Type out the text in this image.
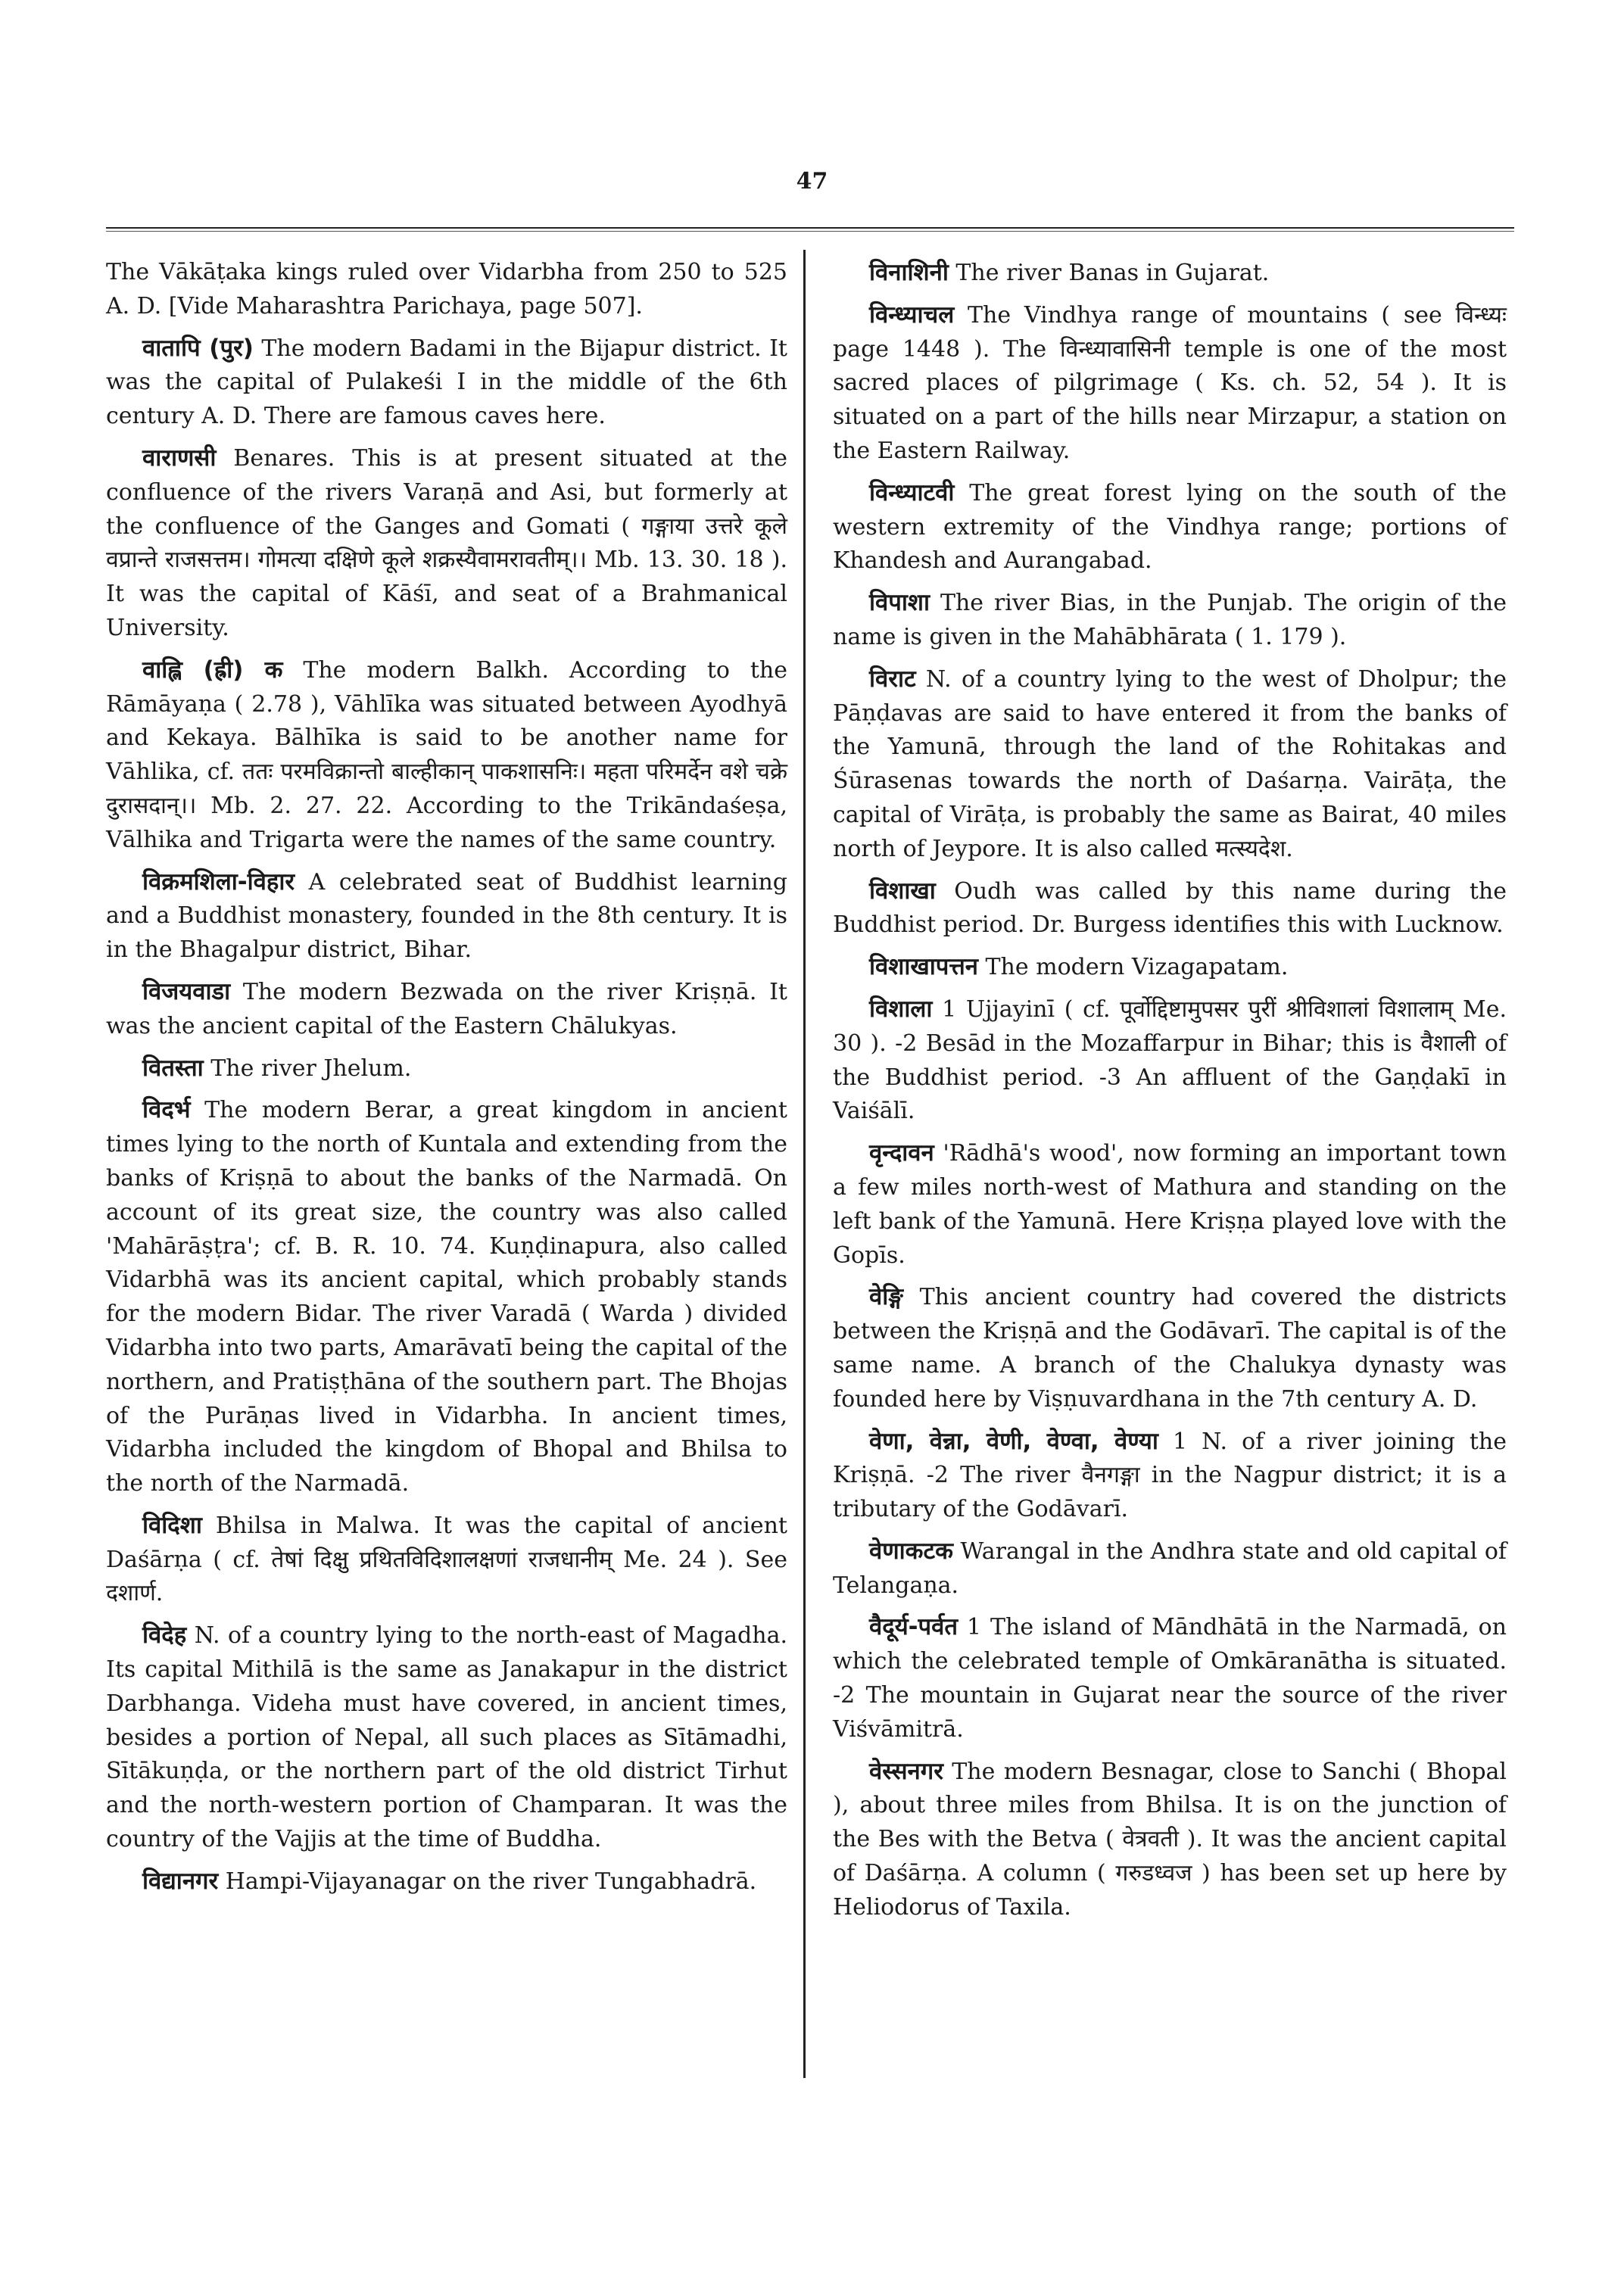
47

The Vākāṭaka kings ruled over Vidarbha from 250 to 525 A. D. [Vide Maharashtra Parichaya, page 507].

वातापि (पुर) The modern Badami in the Bijapur district. It was the capital of Pulakeśi I in the middle of the 6th century A. D. There are famous caves here.

वाराणसी Benares. This is at present situated at the confluence of the rivers Varaṇā and Asi, but formerly at the confluence of the Ganges and Gomati ( गङ्गाया उत्तरे कूले वप्रान्ते राजसत्तम। गोमत्या दक्षिणे कूले शक्रस्यैवामरावतीम्।। Mb. 13. 30. 18 ). It was the capital of Kāśī, and seat of a Brahmanical University.

वाह्लि (ह्री) क The modern Balkh. According to the Rāmāyaṇa ( 2.78 ), Vāhlīka was situated between Ayodhyā and Kekaya. Bālhīka is said to be another name for Vāhlika, cf. ततः परमविक्रान्तो बाल्हीकान् पाकशासनिः। महता परिमर्देन वशे चक्रे दुरासदान्।। Mb. 2. 27. 22. According to the Trikāndaśeṣa, Vālhika and Trigarta were the names of the same country.

विक्रमशिला-विहार A celebrated seat of Buddhist learning and a Buddhist monastery, founded in the 8th century. It is in the Bhagalpur district, Bihar.

विजयवाडा The modern Bezwada on the river Kriṣṇā. It was the ancient capital of the Eastern Chālukyas.

वितस्ता The river Jhelum.

विदर्भ The modern Berar, a great kingdom in ancient times lying to the north of Kuntala and extending from the banks of Kriṣṇā to about the banks of the Narmadā. On account of its great size, the country was also called 'Mahārāṣṭra'; cf. B. R. 10. 74. Kuṇḍinapura, also called Vidarbhā was its ancient capital, which probably stands for the modern Bidar. The river Varadā ( Warda ) divided Vidarbha into two parts, Amarāvatī being the capital of the northern, and Pratiṣṭhāna of the southern part. The Bhojas of the Purāṇas lived in Vidarbha. In ancient times, Vidarbha included the kingdom of Bhopal and Bhilsa to the north of the Narmadā.

विदिशा Bhilsa in Malwa. It was the capital of ancient Daśārṇa ( cf. तेषां दिक्षु प्रथितविदिशालक्षणां राजधानीम् Me. 24 ). See दशार्ण.

विदेह N. of a country lying to the north-east of Magadha. Its capital Mithilā is the same as Janakapur in the district Darbhanga. Videha must have covered, in ancient times, besides a portion of Nepal, all such places as Sītāmadhi, Sītākuṇḍa, or the northern part of the old district Tirhut and the north-western portion of Champaran. It was the country of the Vajjis at the time of Buddha.

विद्यानगर Hampi-Vijayanagar on the river Tungabhadrā.

विनाशिनी The river Banas in Gujarat.

विन्ध्याचल The Vindhya range of mountains ( see विन्ध्यः page 1448 ). The विन्ध्यावासिनी temple is one of the most sacred places of pilgrimage ( Ks. ch. 52, 54 ). It is situated on a part of the hills near Mirzapur, a station on the Eastern Railway.

विन्ध्याटवी The great forest lying on the south of the western extremity of the Vindhya range; portions of Khandesh and Aurangabad.

विपाशा The river Bias, in the Punjab. The origin of the name is given in the Mahābhārata ( 1. 179 ).

विराट N. of a country lying to the west of Dholpur; the Pāṇḍavas are said to have entered it from the banks of the Yamunā, through the land of the Rohitakas and Śūrasenas towards the north of Daśarṇa. Vairāṭa, the capital of Virāṭa, is probably the same as Bairat, 40 miles north of Jeypore. It is also called मत्स्यदेश.

विशाखा Oudh was called by this name during the Buddhist period. Dr. Burgess identifies this with Lucknow.

विशाखापत्तन The modern Vizagapatam.

विशाला 1 Ujjayinī ( cf. पूर्वोद्दिष्टामुपसर पुरीं श्रीविशालां विशालाम् Me. 30 ). -2 Besād in the Mozaffarpur in Bihar; this is वैशाली of the Buddhist period. -3 An affluent of the Gaṇḍakī in Vaiśālī.

वृन्दावन 'Rādhā's wood', now forming an important town a few miles north-west of Mathura and standing on the left bank of the Yamunā. Here Kriṣṇa played love with the Gopīs.

वेङ्गि This ancient country had covered the districts between the Kriṣṇā and the Godāvarī. The capital is of the same name. A branch of the Chalukya dynasty was founded here by Viṣṇuvardhana in the 7th century A. D.

वेणा, वेन्ना, वेणी, वेण्वा, वेण्या 1 N. of a river joining the Kriṣṇā. -2 The river वैनगङ्गा in the Nagpur district; it is a tributary of the Godāvarī.

वेणाकटक Warangal in the Andhra state and old capital of Telangaṇa.

वैदूर्य-पर्वत 1 The island of Māndhātā in the Narmadā, on which the celebrated temple of Omkāranātha is situated. -2 The mountain in Gujarat near the source of the river Viśvāmitrā.

वेस्सनगर The modern Besnagar, close to Sanchi ( Bhopal ), about three miles from Bhilsa. It is on the junction of the Bes with the Betva ( वेत्रवती ). It was the ancient capital of Daśārṇa. A column ( गरुडध्वज ) has been set up here by Heliodorus of Taxila.
